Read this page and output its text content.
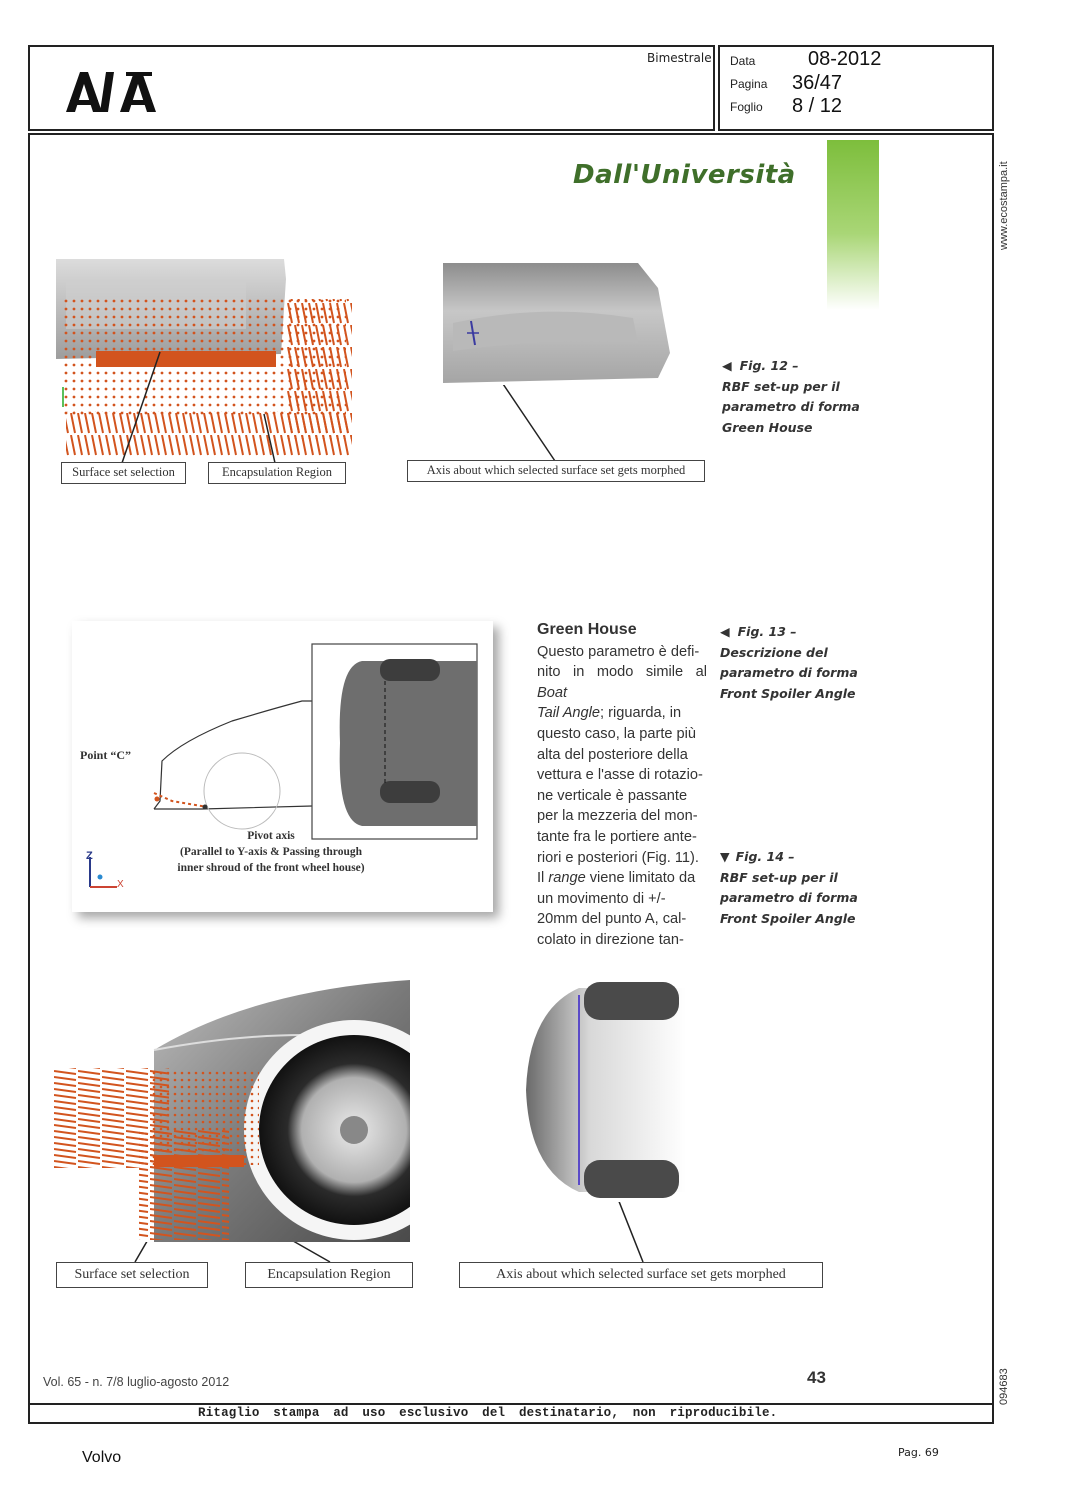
Bimestrale Data	08-2012
Pagina 36/47
Foglio 8 / 12
www.ecostampa.it
094683
Dall'Università
Surface set selection	Encapsulation Region	Axis about which selected surface set gets morphed
◀ Fig. 12 –
RBF set-up per il
parametro di forma
Green House
◀ Fig. 13 –
Descrizione del
parametro di forma
Front Spoiler Angle
▼ Fig. 14 –
RBF set-up per il
parametro di forma
Front Spoiler Angle
Point “C”
Pivot axis
(Parallel to Y-axis & Passing through
inner shroud of the front wheel house)
Z
X

Green House

Questo parametro è defi-

nito in modo simile al Boat

Tail Angle; riguarda, in

questo caso, la parte più

alta del posteriore della

vettura e l'asse di rotazio-

ne verticale è passante

per la mezzeria del mon-

tante fra le portiere ante-

riori e posteriori (Fig. 11).

Il range viene limitato da

un movimento di +/-

20mm del punto A, cal-

colato in direzione tan-

Surface set selection	Encapsulation Region	Axis about which selected surface set gets morphed
Vol. 65 - n. 7/8 luglio-agosto 2012	43
Ritaglio stampa ad uso esclusivo del destinatario, non riproducibile.
Volvo	Pag. 69
